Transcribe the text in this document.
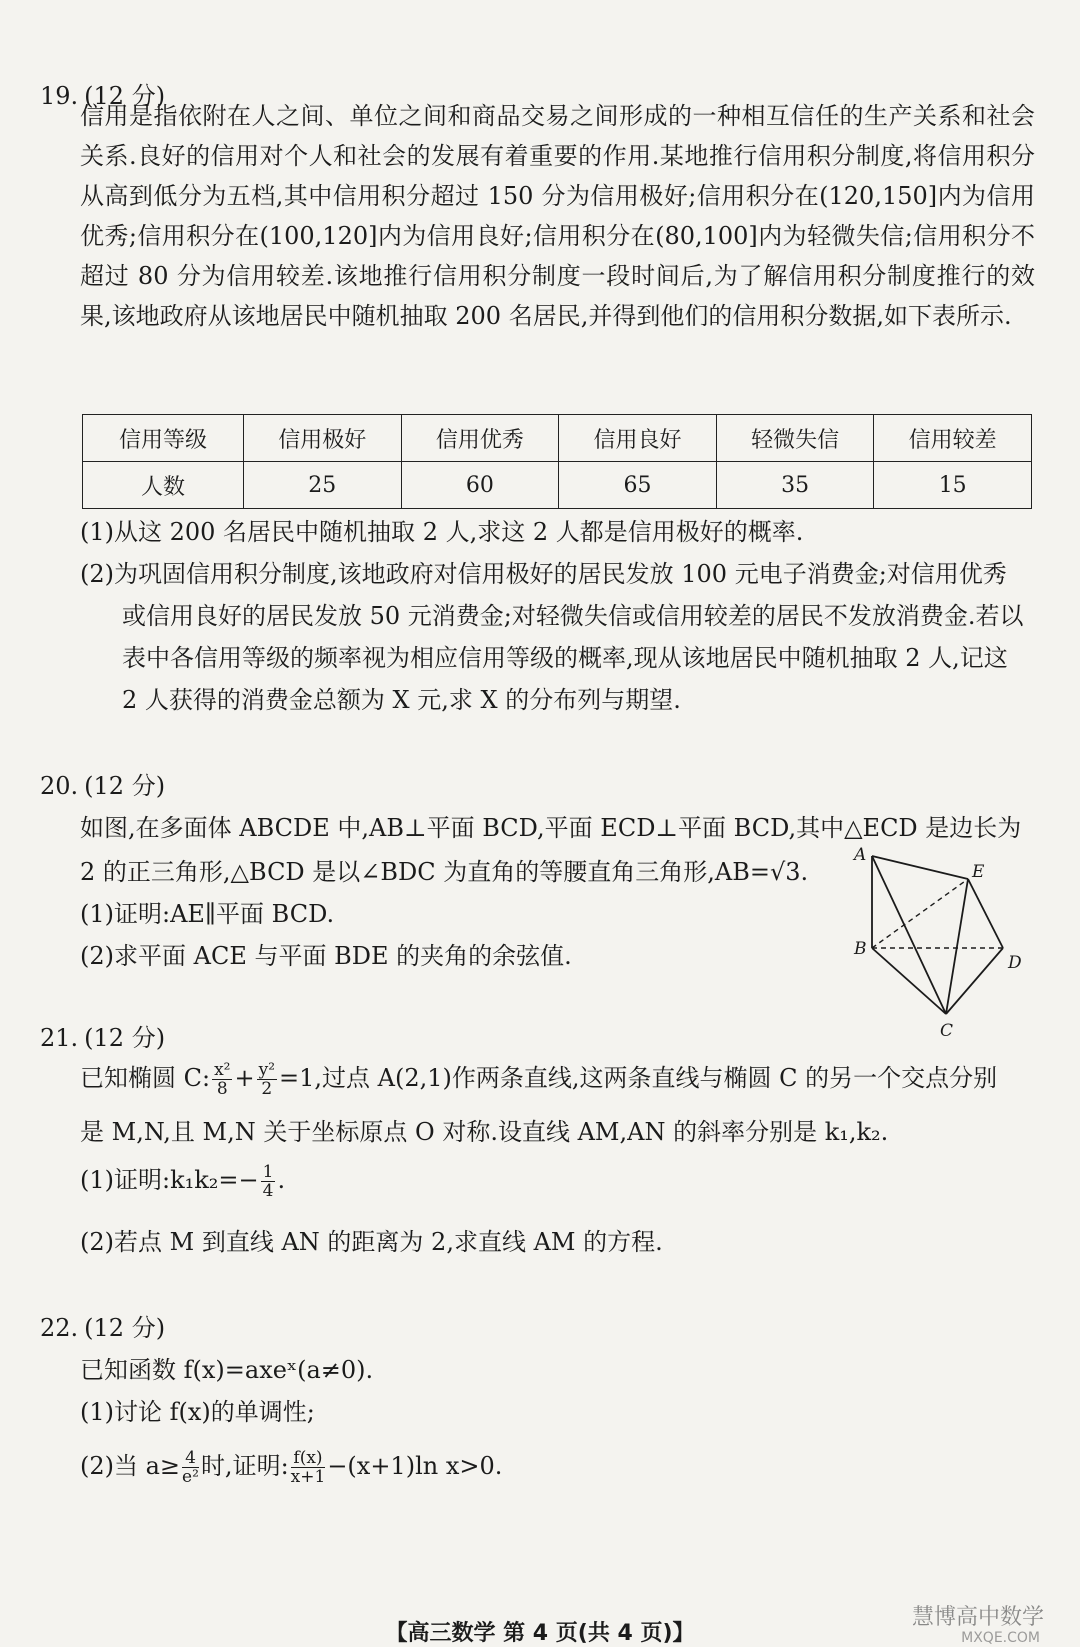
19. (12 分)
信用是指依附在人之间、单位之间和商品交易之间形成的一种相互信任的生产关系和社会关系.良好的信用对个人和社会的发展有着重要的作用.某地推行信用积分制度,将信用积分从高到低分为五档,其中信用积分超过 150 分为信用极好;信用积分在(120,150]内为信用优秀;信用积分在(100,120]内为信用良好;信用积分在(80,100]内为轻微失信;信用积分不超过 80 分为信用较差.该地推行信用积分制度一段时间后,为了解信用积分制度推行的效果,该地政府从该地居民中随机抽取 200 名居民,并得到他们的信用积分数据,如下表所示.
信用等级	信用极好	信用优秀	信用良好	轻微失信	信用较差
人数	25	60	65	35	15
(1)从这 200 名居民中随机抽取 2 人,求这 2 人都是信用极好的概率.
(2)为巩固信用积分制度,该地政府对信用极好的居民发放 100 元电子消费金;对信用优秀
或信用良好的居民发放 50 元消费金;对轻微失信或信用较差的居民不发放消费金.若以
表中各信用等级的频率视为相应信用等级的概率,现从该地居民中随机抽取 2 人,记这
2 人获得的消费金总额为 X 元,求 X 的分布列与期望.
20. (12 分)
如图,在多面体 ABCDE 中,AB⊥平面 BCD,平面 ECD⊥平面 BCD,其中△ECD 是边长为
2 的正三角形,△BCD 是以∠BDC 为直角的等腰直角三角形,AB=√3.
(1)证明:AE∥平面 BCD.
(2)求平面 ACE 与平面 BDE 的夹角的余弦值.
A
E
B
D
C
21. (12 分)
已知椭圆 C: $\frac{\text{x²}}{8} + \frac{\text{y²}}{2} =1$,过点 A(2,1)作两条直线,这两条直线与椭圆 C 的另一个交点分别
是 M,N,且 M,N 关于坐标原点 O 对称.设直线 AM,AN 的斜率分别是 k₁,k₂.
(1)证明:k₁k₂=− $\frac{1}{4}$ .
(2)若点 M 到直线 AN 的距离为 2,求直线 AM 的方程.
22. (12 分)
已知函数 f(x)=axeˣ(a≠0).
(1)讨论 f(x)的单调性;
(2)当 $a\ge \frac{4}{\text{e²}}$ 时,证明: $\frac{f(x)}{x+1} -(x+1)\ln$ x>0.
【高三数学 第 4 页(共 4 页)】
慧博高中数学
MXQE.COM
